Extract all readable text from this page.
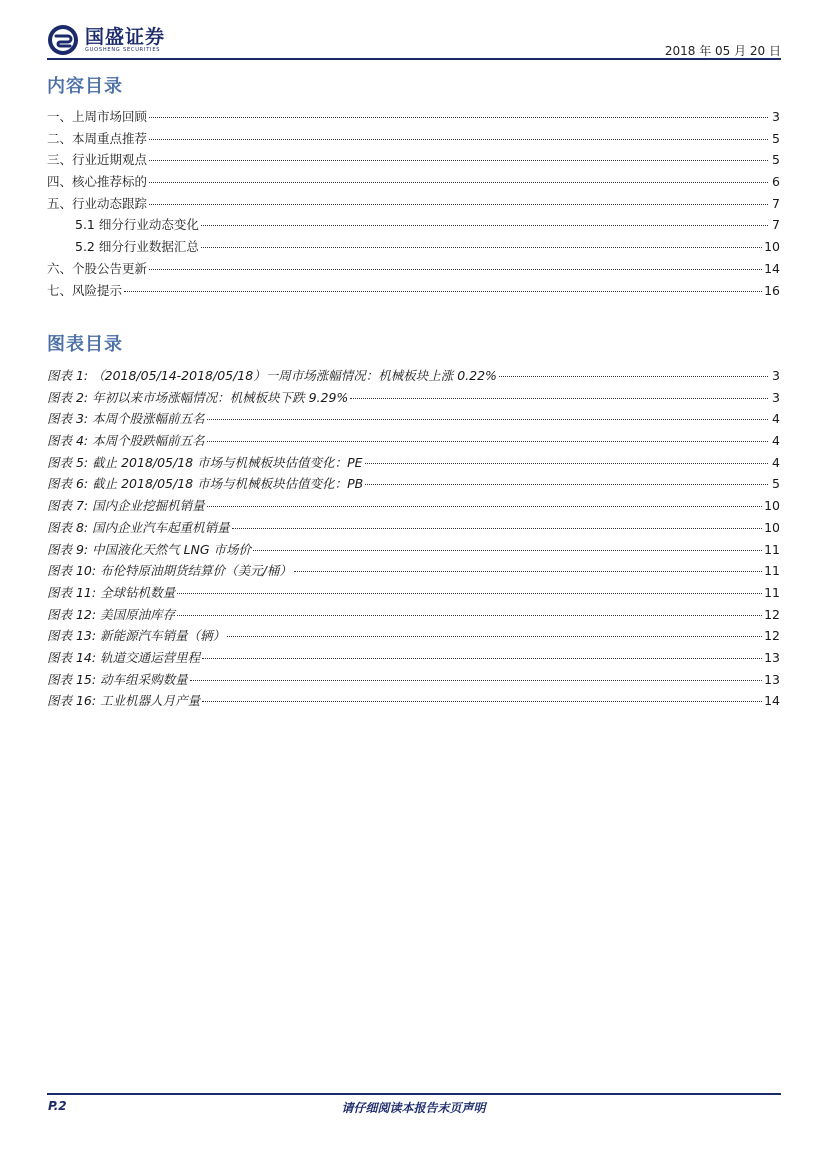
国盛证券
GUOSHENG SECURITIES	2018 年 05 月 20 日
内容目录
一、上周市场回顾	3
二、本周重点推荐	5
三、行业近期观点	5
四、核心推荐标的	6
五、行业动态跟踪	7
5.1 细分行业动态变化	7
5.2 细分行业数据汇总	10
六、个股公告更新	14
七、风险提示	16
图表目录
图表 1: （2018/05/14-2018/05/18）一周市场涨幅情况：机械板块上涨 0.22%	3
图表 2: 年初以来市场涨幅情况：机械板块下跌 9.29%	3
图表 3: 本周个股涨幅前五名	4
图表 4: 本周个股跌幅前五名	4
图表 5: 截止 2018/05/18 市场与机械板块估值变化：PE	4
图表 6: 截止 2018/05/18 市场与机械板块估值变化：PB	5
图表 7: 国内企业挖掘机销量	10
图表 8: 国内企业汽车起重机销量	10
图表 9: 中国液化天然气 LNG 市场价	11
图表 10: 布伦特原油期货结算价（美元/桶）	11
图表 11: 全球钻机数量	11
图表 12: 美国原油库存	12
图表 13: 新能源汽车销量（辆）	12
图表 14: 轨道交通运营里程	13
图表 15: 动车组采购数量	13
图表 16: 工业机器人月产量	14
P.2	请仔细阅读本报告末页声明
